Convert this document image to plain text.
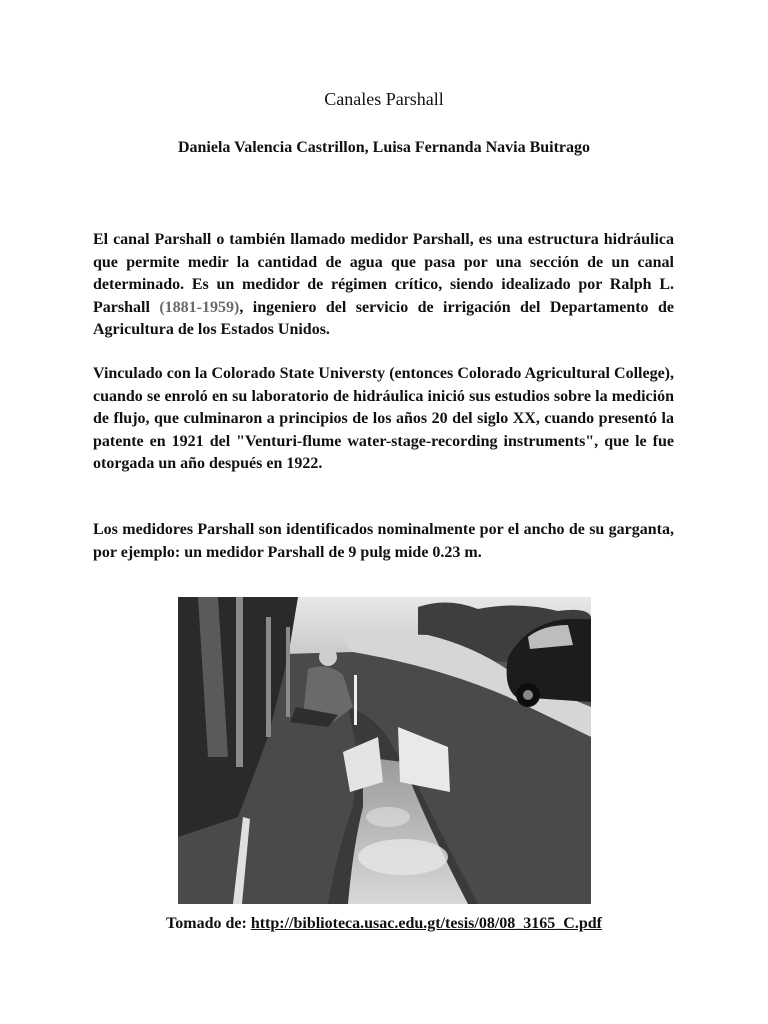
Canales Parshall

Daniela Valencia Castrillon, Luisa Fernanda Navia Buitrago

El canal Parshall o también llamado medidor Parshall, es una estructura hidráulica que permite medir la cantidad de agua que pasa por una sección de un canal determinado. Es un medidor de régimen crítico, siendo idealizado por Ralph L. Parshall (1881-1959), ingeniero del servicio de irrigación del Departamento de Agricultura de los Estados Unidos.

Vinculado con la Colorado State Universty (entonces Colorado Agricultural College), cuando se enroló en su laboratorio de hidráulica inició sus estudios sobre la medición de flujo, que culminaron a principios de los años 20 del siglo XX, cuando presentó la patente en 1921 del "Venturi-flume water-stage-recording instruments", que le fue otorgada un año después en 1922.

Los medidores Parshall son identificados nominalmente por el ancho de su garganta, por ejemplo: un medidor Parshall de 9 pulg mide 0.23 m.

Tomado de: http://biblioteca.usac.edu.gt/tesis/08/08_3165_C.pdf
